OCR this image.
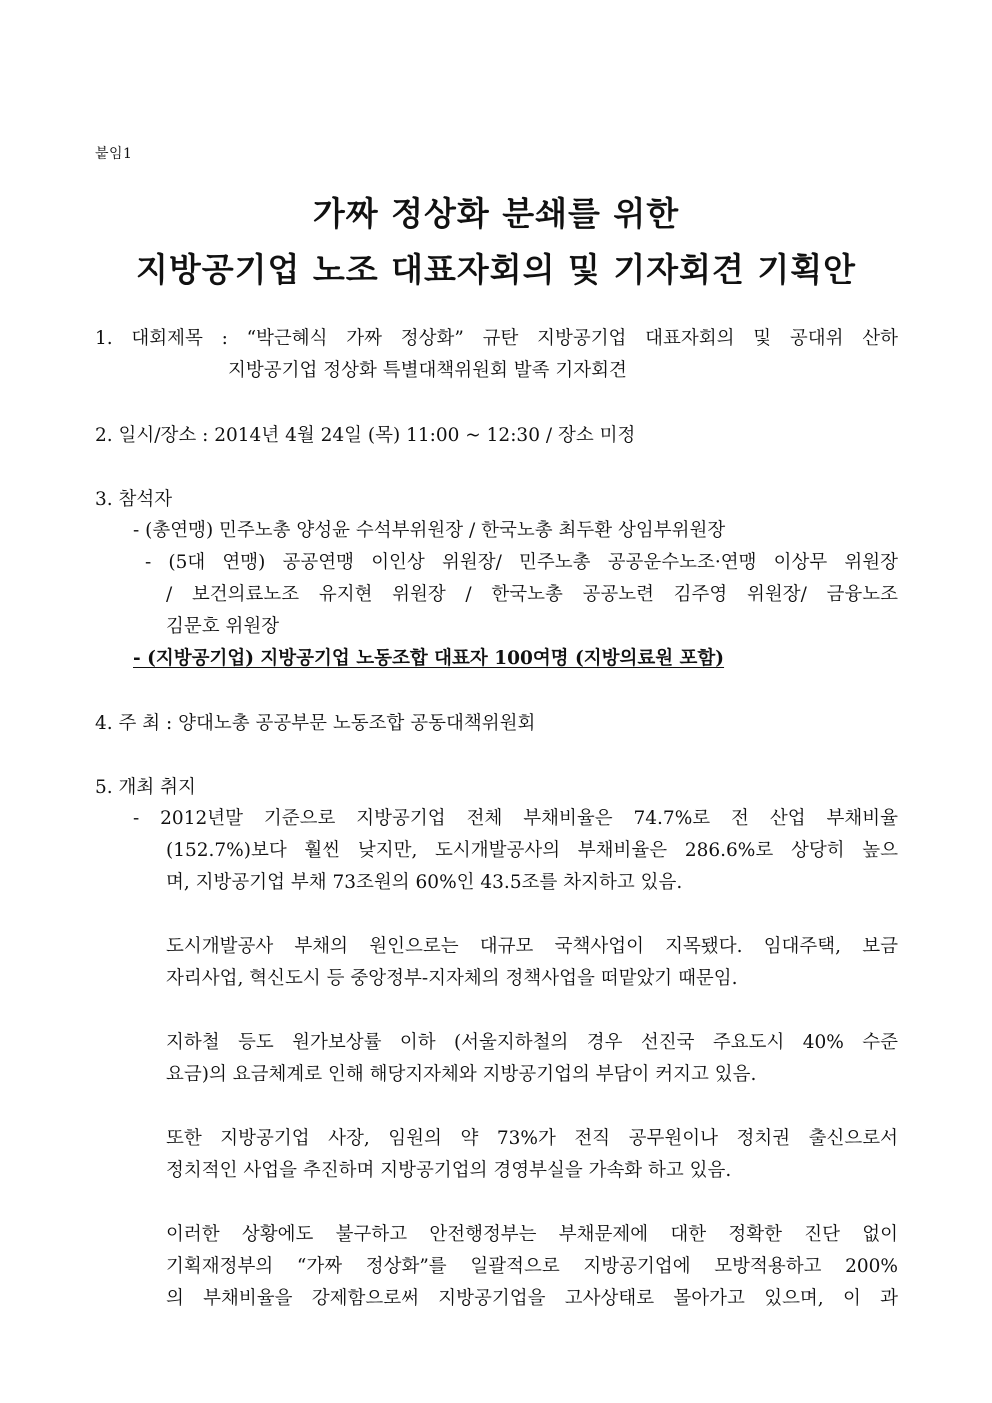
붙임1
가짜 정상화 분쇄를 위한
지방공기업 노조 대표자회의 및 기자회견 기획안
1. 대회제목 : “박근혜식 가짜 정상화” 규탄 지방공기업 대표자회의 및 공대위 산하
지방공기업 정상화 특별대책위원회 발족 기자회견
2. 일시/장소 : 2014년 4월 24일 (목) 11:00 ~ 12:30 / 장소 미정
3. 참석자
- (총연맹) 민주노총 양성윤 수석부위원장 / 한국노총 최두환 상임부위원장
- (5대 연맹) 공공연맹 이인상 위원장/ 민주노총 공공운수노조·연맹 이상무 위원장
/ 보건의료노조 유지현 위원장 / 한국노총 공공노련 김주영 위원장/ 금융노조
김문호 위원장
- (지방공기업) 지방공기업 노동조합 대표자 100여명 (지방의료원 포함)
4. 주 최 : 양대노총 공공부문 노동조합 공동대책위원회
5. 개최 취지
- 2012년말 기준으로 지방공기업 전체 부채비율은 74.7%로 전 산업 부채비율
(152.7%)보다 훨씬 낮지만, 도시개발공사의 부채비율은 286.6%로 상당히 높으
며, 지방공기업 부채 73조원의 60%인 43.5조를 차지하고 있음.
도시개발공사 부채의 원인으로는 대규모 국책사업이 지목됐다. 임대주택, 보금
자리사업, 혁신도시 등 중앙정부-지자체의 정책사업을 떠맡았기 때문임.
지하철 등도 원가보상률 이하 (서울지하철의 경우 선진국 주요도시 40% 수준
요금)의 요금체계로 인해 해당지자체와 지방공기업의 부담이 커지고 있음.
또한 지방공기업 사장, 임원의 약 73%가 전직 공무원이나 정치권 출신으로서
정치적인 사업을 추진하며 지방공기업의 경영부실을 가속화 하고 있음.
이러한 상황에도 불구하고 안전행정부는 부채문제에 대한 정확한 진단 없이
기획재정부의 “가짜 정상화”를 일괄적으로 지방공기업에 모방적용하고 200%
의 부채비율을 강제함으로써 지방공기업을 고사상태로 몰아가고 있으며, 이 과
